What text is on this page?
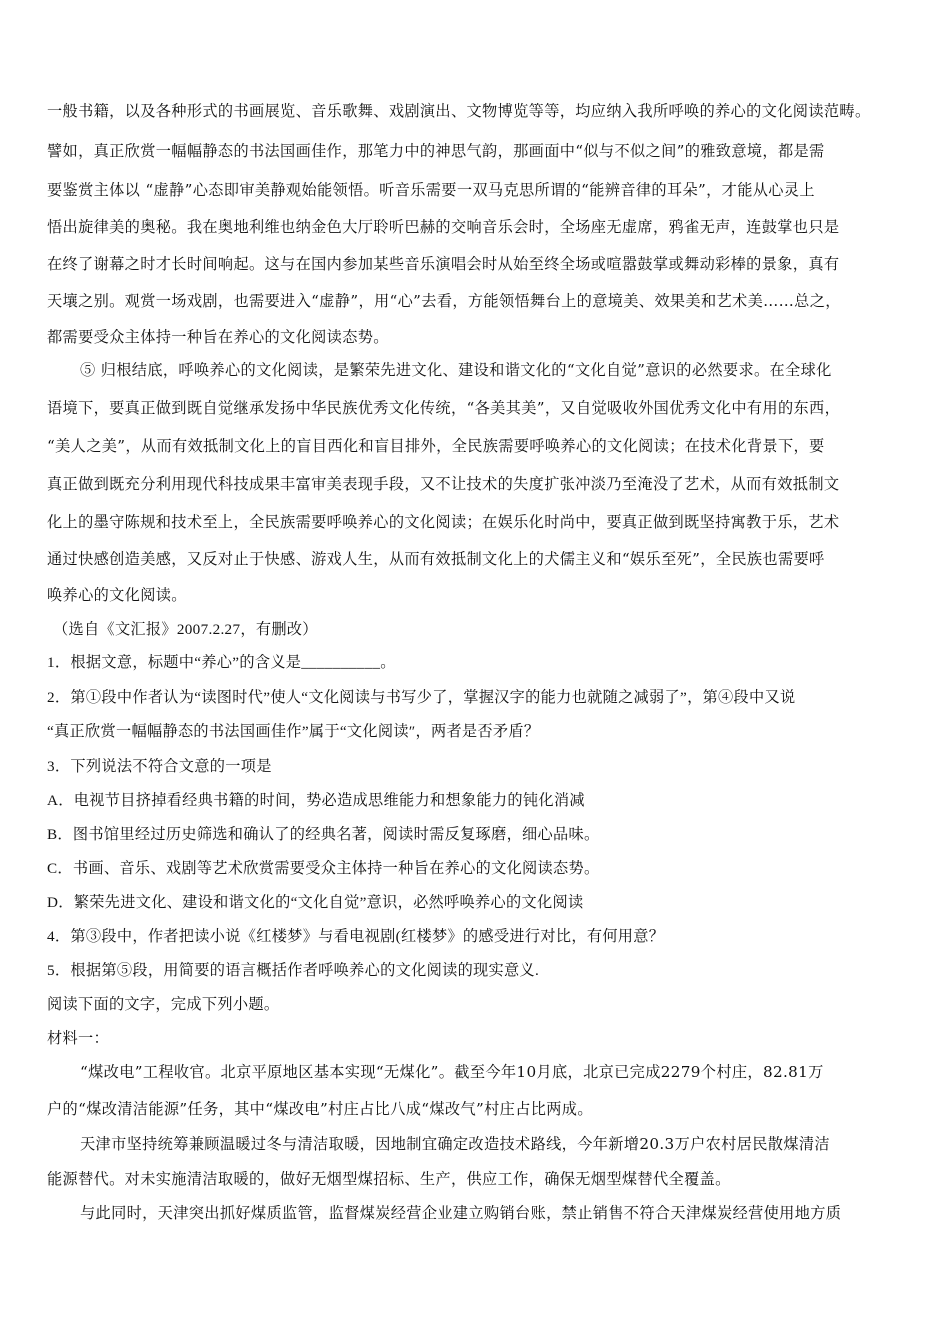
一般书籍，以及各种形式的书画展览、音乐歌舞、戏剧演出、文物博览等等，均应纳入我所呼唤的养心的文化阅读范畴。
譬如，真正欣赏一幅幅静态的书法国画佳作，那笔力中的神思气韵，那画面中“似与不似之间”的雅致意境，都是需
要鉴赏主体以 “虚静”心态即审美静观始能领悟。听音乐需要一双马克思所谓的“能辨音律的耳朵”，才能从心灵上
悟出旋律美的奥秘。我在奥地利维也纳金色大厅聆听巴赫的交响音乐会时，全场座无虚席，鸦雀无声，连鼓掌也只是
在终了谢幕之时才长时间响起。这与在国内参加某些音乐演唱会时从始至终全场或喧嚣鼓掌或舞动彩棒的景象，真有
天壤之别。观赏一场戏剧，也需要进入“虚静”，用“心”去看，方能领悟舞台上的意境美、效果美和艺术美……总之，
都需要受众主体持一种旨在养心的文化阅读态势。
⑤ 归根结底，呼唤养心的文化阅读，是繁荣先进文化、建设和谐文化的“文化自觉”意识的必然要求。在全球化
语境下，要真正做到既自觉继承发扬中华民族优秀文化传统，“各美其美”，又自觉吸收外国优秀文化中有用的东西，
“美人之美”，从而有效抵制文化上的盲目西化和盲目排外，全民族需要呼唤养心的文化阅读；在技术化背景下，要
真正做到既充分利用现代科技成果丰富审美表现手段，又不让技术的失度扩张冲淡乃至淹没了艺术，从而有效抵制文
化上的墨守陈规和技术至上，全民族需要呼唤养心的文化阅读；在娱乐化时尚中，要真正做到既坚持寓教于乐，艺术
通过快感创造美感，又反对止于快感、游戏人生，从而有效抵制文化上的犬儒主义和“娱乐至死”，全民族也需要呼
唤养心的文化阅读。
（选自《文汇报》2007.2.27，有删改）
1．根据文意，标题中“养心”的含义是__________。
2．第①段中作者认为“读图时代”使人“文化阅读与书写少了，掌握汉字的能力也就随之减弱了”，第④段中又说
“真正欣赏一幅幅静态的书法国画佳作”属于“文化阅读″，两者是否矛盾？
3．下列说法不符合文意的一项是
A．电视节目挤掉看经典书籍的时间，势必造成思维能力和想象能力的钝化消减
B．图书馆里经过历史筛选和确认了的经典名著，阅读时需反复琢磨，细心品味。
C．书画、音乐、戏剧等艺术欣赏需要受众主体持一种旨在养心的文化阅读态势。
D．繁荣先进文化、建设和谐文化的“文化自觉”意识，必然呼唤养心的文化阅读
4．第③段中，作者把读小说《红楼梦》与看电视剧(红楼梦》的感受进行对比，有何用意？
5．根据第⑤段，用简要的语言概括作者呼唤养心的文化阅读的现实意义.
阅读下面的文字，完成下列小题。
材料一：
“煤改电”工程收官。北京平原地区基本实现“无煤化”。截至今年10月底，北京已完成2279个村庄，82.81万
户的“煤改清洁能源”任务，其中“煤改电”村庄占比八成“煤改气”村庄占比两成。
天津市坚持统筹兼顾温暖过冬与清洁取暖，因地制宜确定改造技术路线，今年新增20.3万户农村居民散煤清洁
能源替代。对未实施清洁取暖的，做好无烟型煤招标、生产，供应工作，确保无烟型煤替代全覆盖。
与此同时，天津突出抓好煤质监管，监督煤炭经营企业建立购销台账，禁止销售不符合天津煤炭经营使用地方质
